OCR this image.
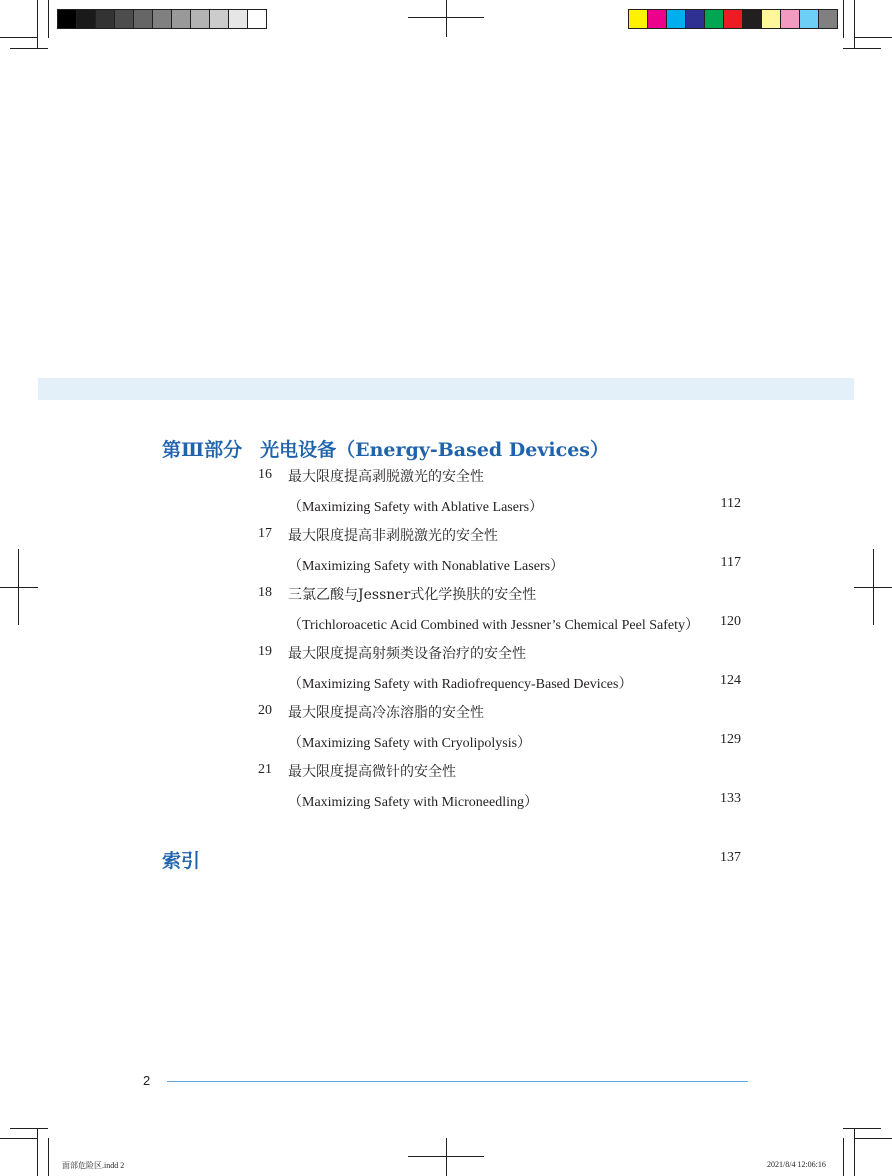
第Ⅲ部分 光电设备（Energy-Based Devices）
16 最大限度提高剥脱激光的安全性
（Maximizing Safety with Ablative Lasers）	112
17 最大限度提高非剥脱激光的安全性
（Maximizing Safety with Nonablative Lasers）	117
18 三氯乙酸与Jessner式化学换肤的安全性
（Trichloroacetic Acid Combined with Jessner’s Chemical Peel Safety）	120
19 最大限度提高射频类设备治疗的安全性
（Maximizing Safety with Radiofrequency-Based Devices）	124
20 最大限度提高冷冻溶脂的安全性
（Maximizing Safety with Cryolipolysis）	129
21 最大限度提高微针的安全性
（Maximizing Safety with Microneedling）	133
索引	137
2
面部危险区.indd 2	2021/8/4 12:06:16
